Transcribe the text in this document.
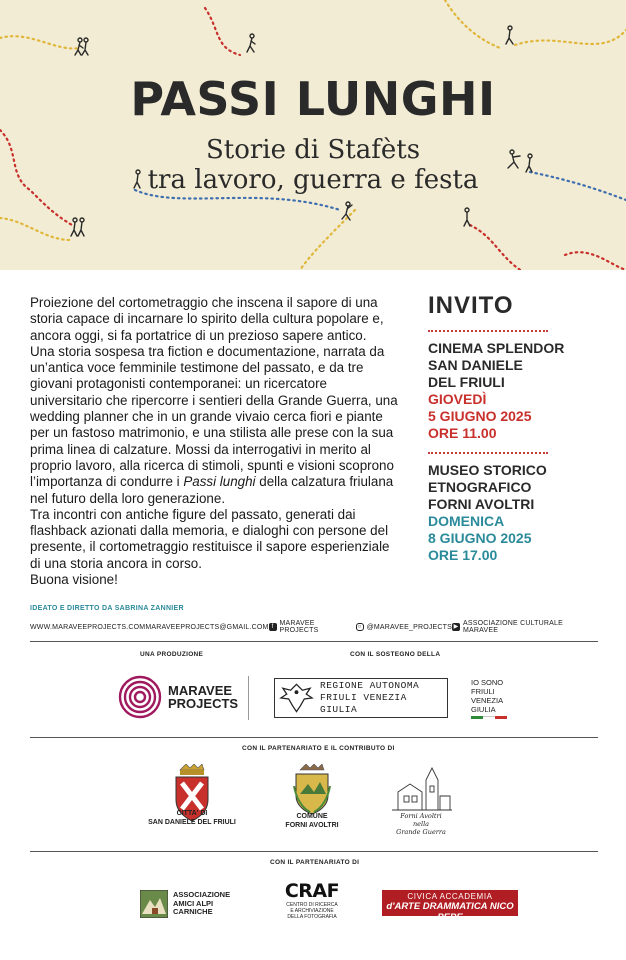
PASSI LUNGHI
Storie di Stafèts
tra lavoro, guerra e festa
Proiezione del cortometraggio che inscena il sapore di una storia capace di incarnare lo spirito della cultura popolare e, ancora oggi, si fa portatrice di un prezioso sapere antico.
Una storia sospesa tra fiction e documentazione, narrata da un’antica voce femminile testimone del passato, e da tre giovani protagonisti contemporanei: un ricercatore universitario che ripercorre i sentieri della Grande Guerra, una wedding planner che in un grande vivaio cerca fiori e piante per un fastoso matrimonio, e una stilista alle prese con la sua prima linea di calzature. Mossi da interrogativi in merito al proprio lavoro, alla ricerca di stimoli, spunti e visioni scoprono l’importanza di condurre i Passi lunghi della calzatura friulana nel futuro della loro generazione.
Tra incontri con antiche figure del passato, generati dai flashback azionati dalla memoria, e dialoghi con persone del presente, il cortometraggio restituisce il sapore esperienziale di una storia ancora in corso.
Buona visione!
INVITO
CINEMA SPLENDOR
SAN DANIELE
DEL FRIULI
GIOVEDÌ
5 GIUGNO 2025
ORE 11.00
MUSEO STORICO
ETNOGRAFICO
FORNI AVOLTRI
DOMENICA
8 GIUGNO 2025
ORE 17.00
IDEATO E DIRETTO DA SABRINA ZANNIER
WWW.MARAVEEPROJECTS.COM MARAVEEPROJECTS@GMAIL.COM f MARAVEE PROJECTS	○ @MARAVEE_PROJECTS ▶ ASSOCIAZIONE CULTURALE MARAVEE
UNA PRODUZIONE	CON IL SOSTEGNO DELLA
MARAVEE
PROJECTS
REGIONE AUTONOMA
FRIULI VENEZIA GIULIA
IO SONO
FRIULI
VENEZIA
GIULIA
CON IL PARTENARIATO E IL CONTRIBUTO DI
CITTA' DI
SAN DANIELE DEL FRIULI
COMUNE
FORNI AVOLTRI
Forni Avoltri
nella
Grande Guerra
CON IL PARTENARIATO DI
ASSOCIAZIONE
AMICI ALPI
CARNICHE
CRAF
CENTRO DI RICERCA
E ARCHIVIAZIONE
DELLA FOTOGRAFIA
CIVICA ACCADEMIA
d'ARTE DRAMMATICA NICO PEPE
